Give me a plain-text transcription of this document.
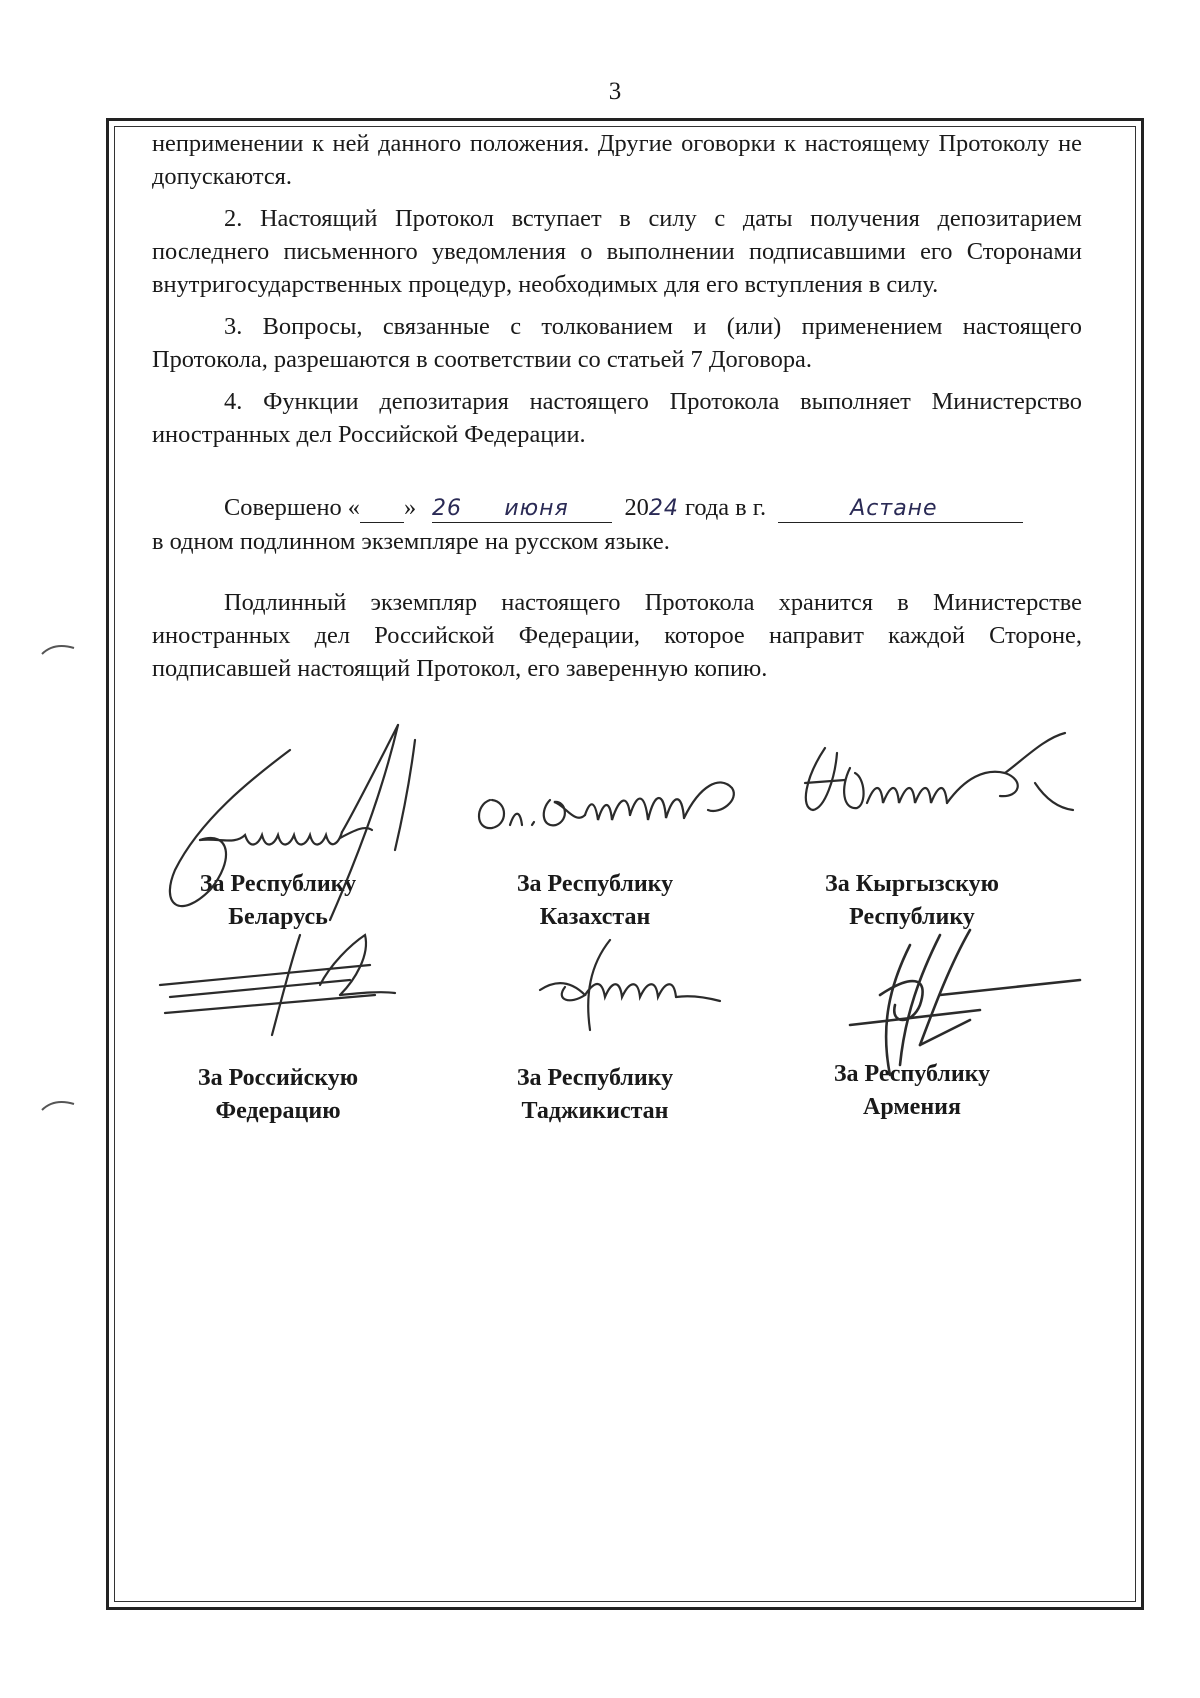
3

неприменении к ней данного положения. Другие оговорки к настоящему Протоколу не допускаются.

2. Настоящий Протокол вступает в силу с даты получения депозитарием последнего письменного уведомления о выполнении подписавшими его Сторонами внутригосударственных процедур, необходимых для его вступления в силу.

3. Вопросы, связанные с толкованием и (или) применением настоящего Протокола, разрешаются в соответствии со статьей 7 Договора.

4. Функции депозитария настоящего Протокола выполняет Министерство иностранных дел Российской Федерации.

Совершено «	26»	июня 2024 года в г.	Астане

в одном подлинном экземпляре на русском языке.

Подлинный экземпляр настоящего Протокола хранится в Министерстве иностранных дел Российской Федерации, которое направит каждой Стороне, подписавшей настоящий Протокол, его заверенную копию.

За Республику
Беларусь
За Республику
Казахстан
За Кыргызскую
Республику
За Российскую
Федерацию
За Республику
Таджикистан
За Республику
Армения
